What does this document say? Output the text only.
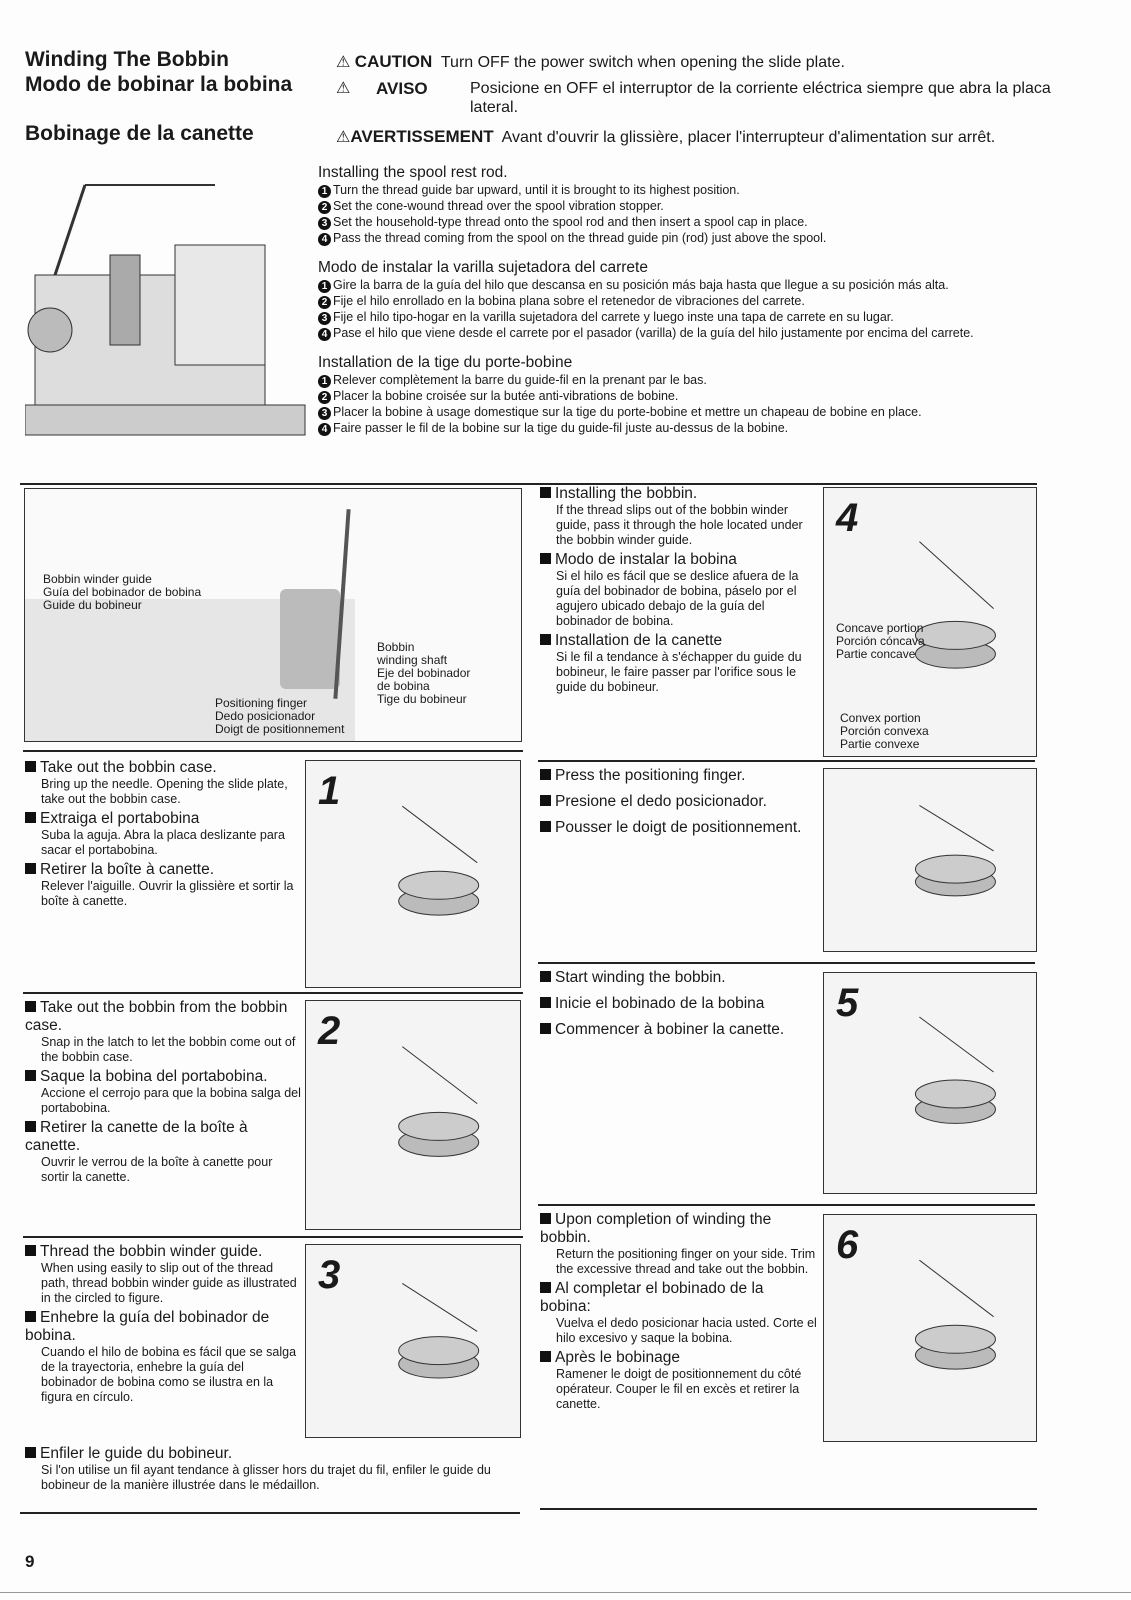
Winding The Bobbin
Modo de bobinar la bobina
Bobinage de la canette
⚠ CAUTION Turn OFF the power switch when opening the slide plate.
⚠ AVISO	Posicione en OFF el interruptor de la corriente eléctrica siempre que abra la placa lateral.
⚠AVERTISSEMENT Avant d'ouvrir la glissière, placer l'interrupteur d'alimentation sur arrêt.
Installing the spool rest rod.
1 Turn the thread guide bar upward, until it is brought to its highest position.
2 Set the cone-wound thread over the spool vibration stopper.
3 Set the household-type thread onto the spool rod and then insert a spool cap in place.
4 Pass the thread coming from the spool on the thread guide pin (rod) just above the spool.
Modo de instalar la varilla sujetadora del carrete
1 Gire la barra de la guía del hilo que descansa en su posición más baja hasta que llegue a su posición más alta.
2 Fije el hilo enrollado en la bobina plana sobre el retenedor de vibraciones del carrete.
3 Fije el hilo tipo-hogar en la varilla sujetadora del carrete y luego inste una tapa de carrete en su lugar.
4 Pase el hilo que viene desde el carrete por el pasador (varilla) de la guía del hilo justamente por encima del carrete.
Installation de la tige du porte-bobine
1 Relever complètement la barre du guide-fil en la prenant par le bas.
2 Placer la bobine croisée sur la butée anti-vibrations de bobine.
3 Placer la bobine à usage domestique sur la tige du porte-bobine et mettre un chapeau de bobine en place.
4 Faire passer le fil de la bobine sur la tige du guide-fil juste au-dessus de la bobine.
Bobbin winder guide
Guía del bobinador de bobina
Guide du bobineur
Bobbin
winding shaft
Eje del bobinador
de bobina
Tige du bobineur
Positioning finger
Dedo posicionador
Doigt de positionnement
Take out the bobbin case.
Bring up the needle. Opening the slide plate, take out the bobbin case.
Extraiga el portabobina
Suba la aguja. Abra la placa deslizante para sacar el portabobina.
Retirer la boîte à canette.
Relever l'aiguille. Ouvrir la glissière et sortir la boîte à canette.
1
Take out the bobbin from the bobbin case.
Snap in the latch to let the bobbin come out of the bobbin case.
Saque la bobina del portabobina.
Accione el cerrojo para que la bobina salga del portabobina.
Retirer la canette de la boîte à canette.
Ouvrir le verrou de la boîte à canette pour sortir la canette.
2
Thread the bobbin winder guide.
When using easily to slip out of the thread path, thread bobbin winder guide as illustrated in the circled to figure.
Enhebre la guía del bobinador de bobina.
Cuando el hilo de bobina es fácil que se salga de la trayectoria, enhebre la guía del bobinador de bobina como se ilustra en la figura en círculo.
Enfiler le guide du bobineur.
Si l'on utilise un fil ayant tendance à glisser hors du trajet du fil, enfiler le guide du bobineur de la manière illustrée dans le médaillon.
3
Installing the bobbin.
If the thread slips out of the bobbin winder guide, pass it through the hole located under the bobbin winder guide.
Modo de instalar la bobina
Si el hilo es fácil que se deslice afuera de la guía del bobinador de bobina, páselo por el agujero ubicado debajo de la guía del bobinador de bobina.
Installation de la canette
Si le fil a tendance à s'échapper du guide du bobineur, le faire passer par l'orifice sous le guide du bobineur.
4
Concave portion
Porción cóncava
Partie concave
Convex portion
Porción convexa
Partie convexe
Press the positioning finger.
Presione el dedo posicionador.
Pousser le doigt de positionnement.
Start winding the bobbin.
Inicie el bobinado de la bobina
Commencer à bobiner la canette.
5
Upon completion of winding the bobbin.
Return the positioning finger on your side. Trim the excessive thread and take out the bobbin.
Al completar el bobinado de la bobina:
Vuelva el dedo posicionar hacia usted. Corte el hilo excesivo y saque la bobina.
Après le bobinage
Ramener le doigt de positionnement du côté opérateur. Couper le fil en excès et retirer la canette.
6
9
